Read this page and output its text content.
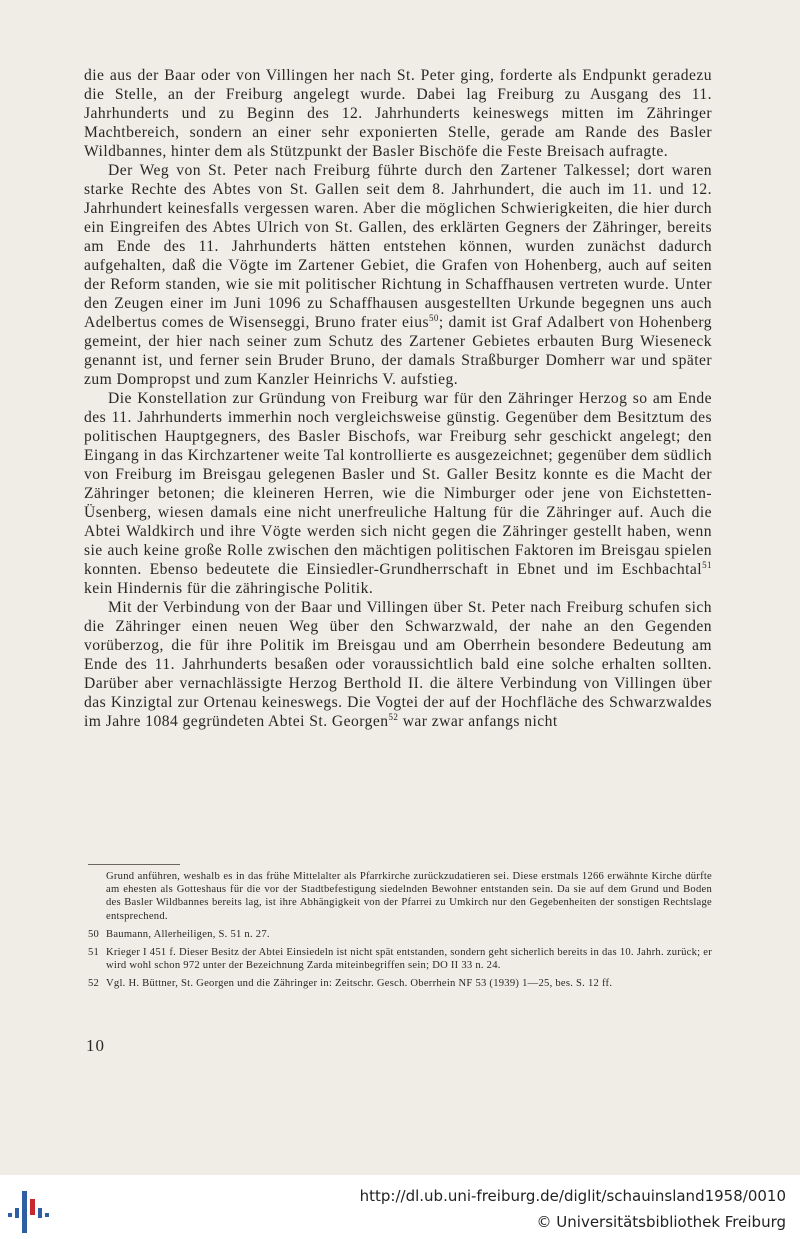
die aus der Baar oder von Villingen her nach St. Peter ging, forderte als Endpunkt geradezu die Stelle, an der Freiburg angelegt wurde. Dabei lag Freiburg zu Ausgang des 11. Jahrhunderts und zu Beginn des 12. Jahrhunderts keineswegs mitten im Zähringer Machtbereich, sondern an einer sehr exponierten Stelle, gerade am Rande des Basler Wildbannes, hinter dem als Stützpunkt der Basler Bischöfe die Feste Breisach aufragte.

Der Weg von St. Peter nach Freiburg führte durch den Zartener Talkessel; dort waren starke Rechte des Abtes von St. Gallen seit dem 8. Jahrhundert, die auch im 11. und 12. Jahrhundert keinesfalls vergessen waren. Aber die möglichen Schwierigkeiten, die hier durch ein Eingreifen des Abtes Ulrich von St. Gallen, des erklärten Gegners der Zähringer, bereits am Ende des 11. Jahrhunderts hätten entstehen können, wurden zunächst dadurch aufgehalten, daß die Vögte im Zartener Gebiet, die Grafen von Hohenberg, auch auf seiten der Reform standen, wie sie mit politischer Richtung in Schaffhausen vertreten wurde. Unter den Zeugen einer im Juni 1096 zu Schaffhausen ausgestellten Urkunde begegnen uns auch Adelbertus comes de Wisenseggi, Bruno frater eius$^{50}$; damit ist Graf Adalbert von Hohenberg gemeint, der hier nach seiner zum Schutz des Zartener Gebietes erbauten Burg Wieseneck genannt ist, und ferner sein Bruder Bruno, der damals Straßburger Domherr war und später zum Dompropst und zum Kanzler Heinrichs V. aufstieg.

Die Konstellation zur Gründung von Freiburg war für den Zähringer Herzog so am Ende des 11. Jahrhunderts immerhin noch vergleichsweise günstig. Gegenüber dem Besitztum des politischen Hauptgegners, des Basler Bischofs, war Freiburg sehr geschickt angelegt; den Eingang in das Kirchzartener weite Tal kontrollierte es ausgezeichnet; gegenüber dem südlich von Freiburg im Breisgau gelegenen Basler und St. Galler Besitz konnte es die Macht der Zähringer betonen; die kleineren Herren, wie die Nimburger oder jene von Eichstetten-Üsenberg, wiesen damals eine nicht unerfreuliche Haltung für die Zähringer auf. Auch die Abtei Waldkirch und ihre Vögte werden sich nicht gegen die Zähringer gestellt haben, wenn sie auch keine große Rolle zwischen den mächtigen politischen Faktoren im Breisgau spielen konnten. Ebenso bedeutete die Einsiedler-Grundherrschaft in Ebnet und im Eschbachtal$^{51}$ kein Hindernis für die zähringische Politik.

Mit der Verbindung von der Baar und Villingen über St. Peter nach Freiburg schufen sich die Zähringer einen neuen Weg über den Schwarzwald, der nahe an den Gegenden vorüberzog, die für ihre Politik im Breisgau und am Oberrhein besondere Bedeutung am Ende des 11. Jahrhunderts besaßen oder voraussichtlich bald eine solche erhalten sollten. Darüber aber vernachlässigte Herzog Berthold II. die ältere Verbindung von Villingen über das Kinzigtal zur Ortenau keineswegs. Die Vogtei der auf der Hochfläche des Schwarzwaldes im Jahre 1084 gegründeten Abtei St. Georgen$^{52}$ war zwar anfangs nicht

Grund anführen, weshalb es in das frühe Mittelalter als Pfarrkirche zurückzudatieren sei. Diese erstmals 1266 erwähnte Kirche dürfte am ehesten als Gotteshaus für die vor der Stadtbefestigung siedelnden Bewohner entstanden sein. Da sie auf dem Grund und Boden des Basler Wildbannes bereits lag, ist ihre Abhängigkeit von der Pfarrei zu Umkirch nur den Gegebenheiten der sonstigen Rechtslage entsprechend.

50 Baumann, Allerheiligen, S. 51 n. 27.
51 Krieger I 451 f. Dieser Besitz der Abtei Einsiedeln ist nicht spät entstanden, sondern geht sicherlich bereits in das 10. Jahrh. zurück; er wird wohl schon 972 unter der Bezeichnung Zarda miteinbegriffen sein; DO II 33 n. 24.
52 Vgl. H. Büttner, St. Georgen und die Zähringer in: Zeitschr. Gesch. Oberrhein NF 53 (1939) 1—25, bes. S. 12 ff.
10
http://dl.ub.uni-freiburg.de/diglit/schauinsland1958/0010
© Universitätsbibliothek Freiburg
